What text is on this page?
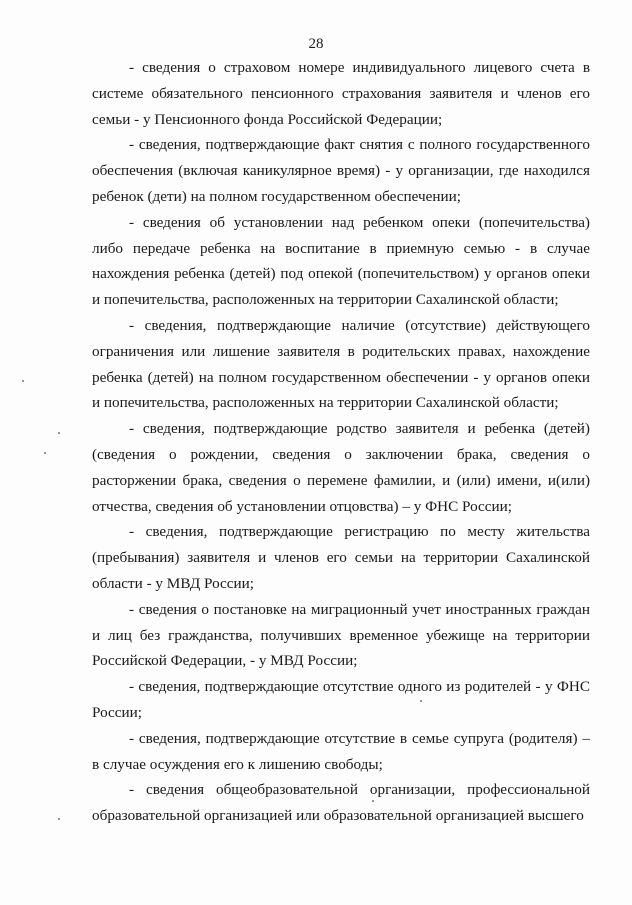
28

- сведения о страховом номере индивидуального лицевого счета в системе обязательного пенсионного страхования заявителя и членов его семьи - у Пенсионного фонда Российской Федерации;

- сведения, подтверждающие факт снятия с полного государственного обеспечения (включая каникулярное время) - у организации, где находился ребенок (дети) на полном государственном обеспечении;

- сведения об установлении над ребенком опеки (попечительства) либо передаче ребенка на воспитание в приемную семью - в случае нахождения ребенка (детей) под опекой (попечительством) у органов опеки и попечительства, расположенных на территории Сахалинской области;

- сведения, подтверждающие наличие (отсутствие) действующего ограничения или лишение заявителя в родительских правах, нахождение ребенка (детей) на полном государственном обеспечении - у органов опеки и попечительства, расположенных на территории Сахалинской области;

- сведения, подтверждающие родство заявителя и ребенка (детей) (сведения о рождении, сведения о заключении брака, сведения о расторжении брака, сведения о перемене фамилии, и (или) имени, и(или) отчества, сведения об установлении отцовства) – у ФНС России;

- сведения, подтверждающие регистрацию по месту жительства (пребывания) заявителя и членов его семьи на территории Сахалинской области - у МВД России;

- сведения о постановке на миграционный учет иностранных граждан и лиц без гражданства, получивших временное убежище на территории Российской Федерации, - у МВД России;

- сведения, подтверждающие отсутствие одного из родителей - у ФНС России;

- сведения, подтверждающие отсутствие в семье супруга (родителя) – в случае осуждения его к лишению свободы;

- сведения общеобразовательной организации, профессиональной образовательной организацией или образовательной организацией высшего
